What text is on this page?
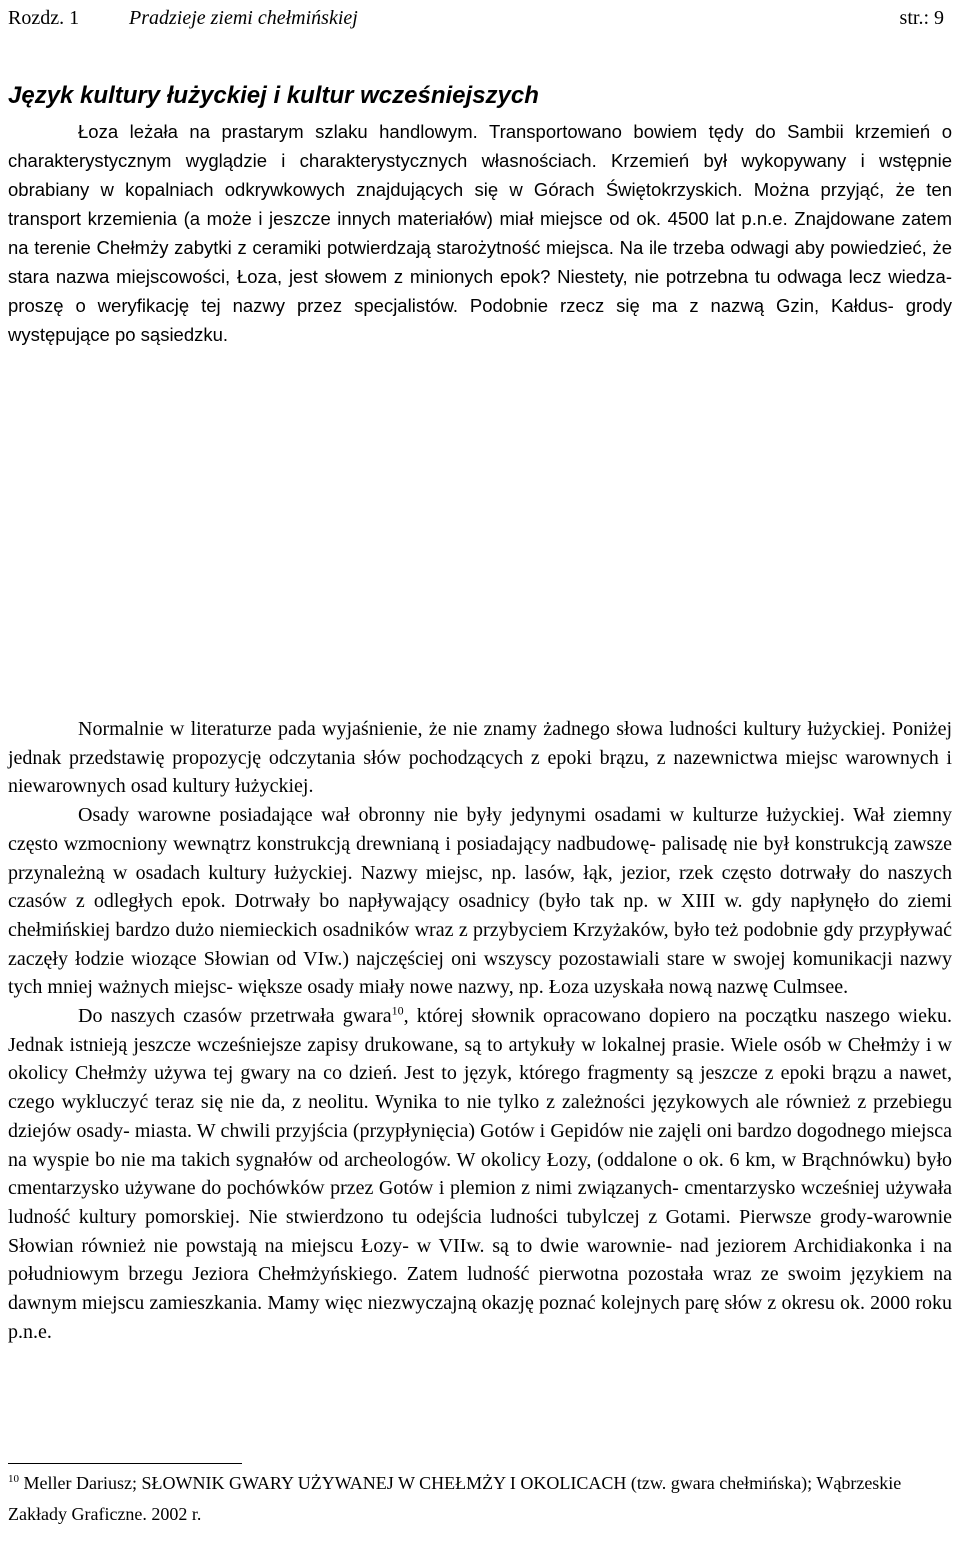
Rozdz. 1 Pradzieje ziemi chełmińskiej	str.: 9
Język kultury łużyckiej i kultur wcześniejszych

Łoza leżała na prastarym szlaku handlowym. Transportowano bowiem tędy do Sambii krzemień o charakterystycznym wyglądzie i charakterystycznych własnościach. Krzemień był wykopywany i wstępnie obrabiany w kopalniach odkrywkowych znajdujących się w Górach Świętokrzyskich. Można przyjąć, że ten transport krzemienia (a może i jeszcze innych materiałów) miał miejsce od ok. 4500 lat p.n.e. Znajdowane zatem na terenie Chełmży zabytki z ceramiki potwierdzają starożytność miejsca. Na ile trzeba odwagi aby powiedzieć, że stara nazwa miejscowości, Łoza, jest słowem z minionych epok? Niestety, nie potrzebna tu odwaga lecz wiedza- proszę o weryfikację tej nazwy przez specjalistów. Podobnie rzecz się ma z nazwą Gzin, Kałdus- grody występujące po sąsiedzku.

Normalnie w literaturze pada wyjaśnienie, że nie znamy żadnego słowa ludności kultury łużyckiej. Poniżej jednak przedstawię propozycję odczytania słów pochodzących z epoki brązu, z nazewnictwa miejsc warownych i niewarownych osad kultury łużyckiej.

Osady warowne posiadające wał obronny nie były jedynymi osadami w kulturze łużyckiej. Wał ziemny często wzmocniony wewnątrz konstrukcją drewnianą i posiadający nadbudowę- palisadę nie był konstrukcją zawsze przynależną w osadach kultury łużyckiej. Nazwy miejsc, np. lasów, łąk, jezior, rzek często dotrwały do naszych czasów z odległych epok. Dotrwały bo napływający osadnicy (było tak np. w XIII w. gdy napłynęło do ziemi chełmińskiej bardzo dużo niemieckich osadników wraz z przybyciem Krzyżaków, było też podobnie gdy przypływać zaczęły łodzie wiozące Słowian od VIw.) najczęściej oni wszyscy pozostawiali stare w swojej komunikacji nazwy tych mniej ważnych miejsc- większe osady miały nowe nazwy, np. Łoza uzyskała nową nazwę Culmsee.

Do naszych czasów przetrwała gwara$^{10}$, której słownik opracowano dopiero na początku naszego wieku. Jednak istnieją jeszcze wcześniejsze zapisy drukowane, są to artykuły w lokalnej prasie. Wiele osób w Chełmży i w okolicy Chełmży używa tej gwary na co dzień. Jest to język, którego fragmenty są jeszcze z epoki brązu a nawet, czego wykluczyć teraz się nie da, z neolitu. Wynika to nie tylko z zależności językowych ale również z przebiegu dziejów osady- miasta. W chwili przyjścia (przypłynięcia) Gotów i Gepidów nie zajęli oni bardzo dogodnego miejsca na wyspie bo nie ma takich sygnałów od archeologów. W okolicy Łozy, (oddalone o ok. 6 km, w Brąchnówku) było cmentarzysko używane do pochówków przez Gotów i plemion z nimi związanych- cmentarzysko wcześniej używała ludność kultury pomorskiej. Nie stwierdzono tu odejścia ludności tubylczej z Gotami. Pierwsze grody-warownie Słowian również nie powstają na miejscu Łozy- w VIIw. są to dwie warownie- nad jeziorem Archidiakonka i na południowym brzegu Jeziora Chełmżyńskiego. Zatem ludność pierwotna pozostała wraz ze swoim językiem na dawnym miejscu zamieszkania. Mamy więc niezwyczajną okazję poznać kolejnych parę słów z okresu ok. 2000 roku p.n.e.

$^{10}$ Meller Dariusz; SŁOWNIK GWARY UŻYWANEJ W CHEŁMŻY I OKOLICACH (tzw. gwara chełmińska); Wąbrzeskie Zakłady Graficzne. 2002 r.
